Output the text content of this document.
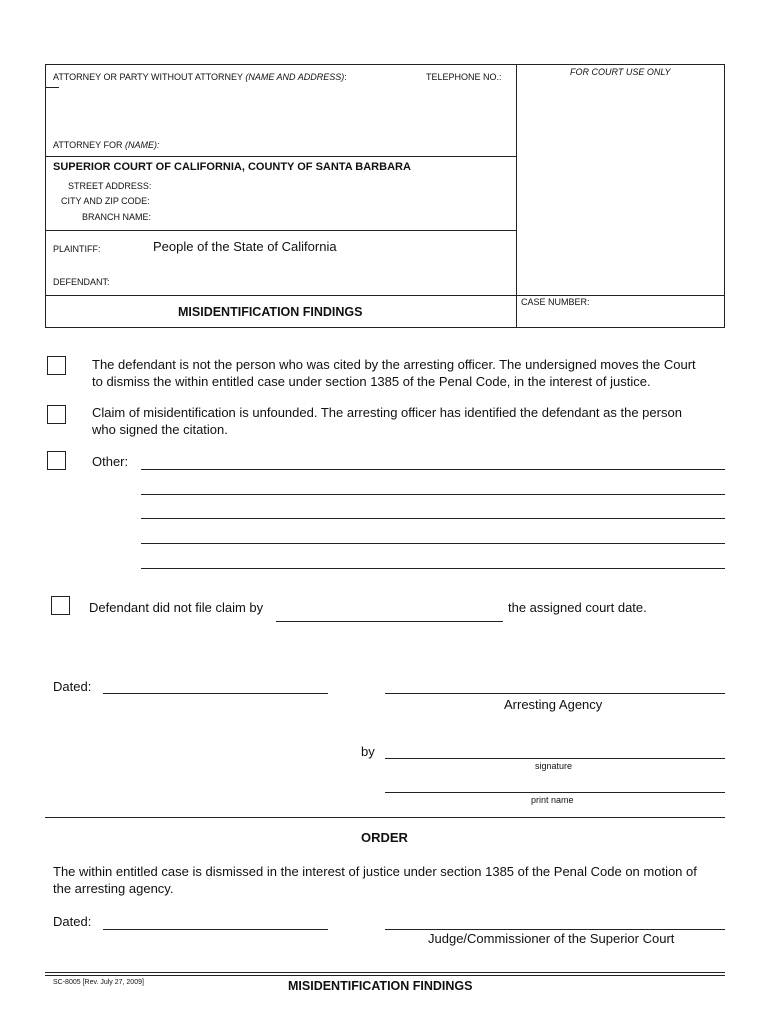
ATTORNEY OR PARTY WITHOUT ATTORNEY (NAME AND ADDRESS):	TELEPHONE NO.:	FOR COURT USE ONLY
ATTORNEY FOR (NAME):
SUPERIOR COURT OF CALIFORNIA, COUNTY OF SANTA BARBARA
STREET ADDRESS:
CITY AND ZIP CODE:
BRANCH NAME:
PLAINTIFF:	People of the State of California
DEFENDANT:
MISIDENTIFICATION FINDINGS
CASE NUMBER:
The defendant is not the person who was cited by the arresting officer. The undersigned moves the Court
to dismiss the within entitled case under section 1385 of the Penal Code, in the interest of justice.
Claim of misidentification is unfounded. The arresting officer has identified the defendant as the person
who signed the citation.
Other:
Defendant did not file claim by	the assigned court date.
Dated:
Arresting Agency
by
signature
print name
ORDER
The within entitled case is dismissed in the interest of justice under section 1385 of the Penal Code on motion of
the arresting agency.
Dated:
Judge/Commissioner of the Superior Court
SC-8005 [Rev. July 27, 2009]	MISIDENTIFICATION FINDINGS
